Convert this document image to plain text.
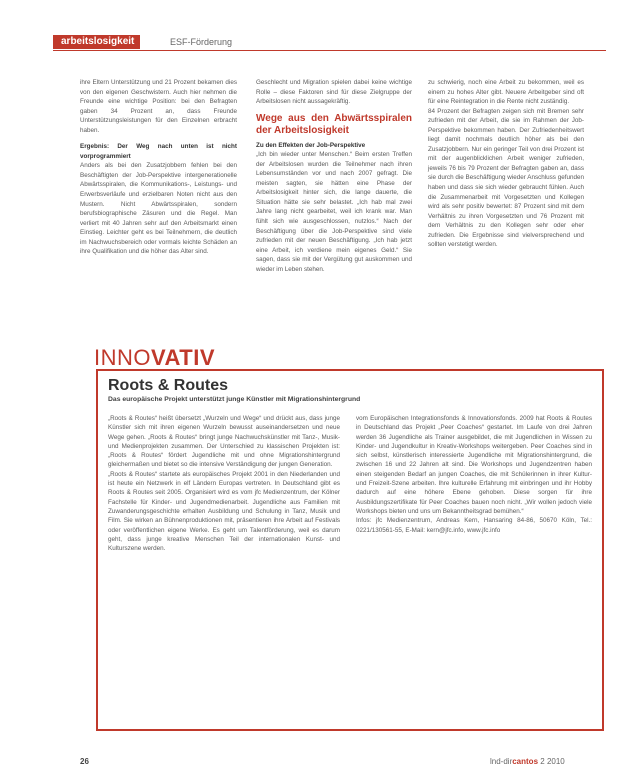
arbeitslosigkeit	ESF-Förderung

ihre Eltern Unterstützung und 21 Prozent bekamen dies von den eigenen Geschwistern. Auch hier nehmen die Freunde eine wichtige Position: bei den Befragten gaben 34 Prozent an, dass Freunde Unterstützungsleistungen für den Einzelnen erbracht haben.

Ergebnis: Der Weg nach unten ist nicht vorprogrammiert

Anders als bei den Zusatzjobbern fehlen bei den Beschäftigten der Job-Perspektive intergenerationelle Abwärtsspiralen, die Kommunikations-, Leistungs- und Erwerbsverläufe und erzielbaren Noten nicht aus den Mustern. Nicht Abwärtsspiralen, sondern berufsbiographische Zäsuren und die Regel. Man verliert mit 40 Jahren sehr auf den Arbeitsmarkt einen Einstieg. Leichter geht es bei Teilnehmern, die deutlich im Nachwuchsbereich oder vormals leichte Schäden an ihre Qualifikation und die höher das Alter sind.

Geschlecht und Migration spielen dabei keine wichtige Rolle – diese Faktoren sind für diese Zielgruppe der Arbeitslosen nicht aussagekräftig.

Wege aus den Abwärtsspiralen der Arbeitslosigkeit

Zu den Effekten der Job-Perspektive

„Ich bin wieder unter Menschen.“ Beim ersten Treffen der Arbeitslosen wurden die Teilnehmer nach ihren Lebensumständen vor und nach 2007 gefragt. Die meisten sagten, sie hätten eine Phase der Arbeitslosigkeit hinter sich, die lange dauerte, die Situation hätte sie sehr belastet. „Ich hab mal zwei Jahre lang nicht gearbeitet, weil ich krank war. Man fühlt sich wie ausgeschlossen, nutzlos.“ Nach der Beschäftigung über die Job-Perspektive sind viele zufrieden mit der neuen Beschäftigung. „Ich hab jetzt eine Arbeit, ich verdiene mein eigenes Geld.“ Sie sagen, dass sie mit der Vergütung gut auskommen und wieder im Leben stehen.

zu schwierig, noch eine Arbeit zu bekommen, weil es einem zu hohes Alter gibt. Neuere Arbeitgeber sind oft für eine Reintegration in die Rente nicht zuständig.

84 Prozent der Befragten zeigen sich mit Bremen sehr zufrieden mit der Arbeit, die sie im Rahmen der Job-Perspektive bekommen haben. Der Zufriedenheitswert liegt damit nochmals deutlich höher als bei den Zusatzjobbern. Nur ein geringer Teil von drei Prozent ist mit der augenblicklichen Arbeit weniger zufrieden, jeweils 76 bis 79 Prozent der Befragten gaben an, dass sie durch die Beschäftigung wieder Anschluss gefunden haben und dass sie sich wieder gebraucht fühlen. Auch die Zusammenarbeit mit Vorgesetzten und Kollegen wird als sehr positiv bewertet: 87 Prozent sind mit dem Verhältnis zu ihren Vorgesetzten und 76 Prozent mit dem Verhältnis zu den Kollegen sehr oder eher zufrieden. Die Ergebnisse sind vielversprechend und sollten verstetigt werden.

INNOVATIV
Roots & Routes
Das europäische Projekt unterstützt junge Künstler mit Migrationshintergrund

„Roots & Routes“ heißt übersetzt „Wurzeln und Wege“ und drückt aus, dass junge Künstler sich mit ihren eigenen Wurzeln bewusst auseinandersetzen und neue Wege gehen. „Roots & Routes“ bringt junge Nachwuchskünstler mit Tanz-, Musik- und Medienprojekten zusammen. Der Unterschied zu klassischen Projekten ist: „Roots & Routes“ fördert Jugendliche mit und ohne Migrationshintergrund gleichermaßen und bietet so die intensive Verständigung der jungen Generation.

„Roots & Routes“ startete als europäisches Projekt 2001 in den Niederlanden und ist heute ein Netzwerk in elf Ländern Europas vertreten. In Deutschland gibt es Roots & Routes seit 2005. Organisiert wird es vom jfc Medienzentrum, der Kölner Fachstelle für Kinder- und Jugendmedienarbeit. Jugendliche aus Familien mit Zuwanderungsgeschichte erhalten Ausbildung und Schulung in Tanz, Musik und Film. Sie wirken an Bühnenproduktionen mit, präsentieren ihre Arbeit auf Festivals oder veröffentlichen eigene Werke. Es geht um Talentförderung, weil es darum geht, dass junge kreative Menschen Teil der internationalen Kunst- und Kulturszene werden.

vom Europäischen Integrationsfonds & Innovationsfonds. 2009 hat Roots & Routes in Deutschland das Projekt „Peer Coaches“ gestartet. Im Laufe von drei Jahren werden 36 Jugendliche als Trainer ausgebildet, die mit Jugendlichen in Wissen zu Kinder- und Jugendkultur in Kreativ-Workshops weitergeben. Peer Coaches sind in sich selbst, künstlerisch interessierte Jugendliche mit Migrationshintergrund, die zwischen 16 und 22 Jahren alt sind. Die Workshops und Jugendzentren haben einen steigenden Bedarf an jungen Coaches, die mit Schülerinnen in ihrer Kultur- und Freizeit-Szene arbeiten. Ihre kulturelle Erfahrung mit einbringen und ihr Hobby dadurch auf eine höhere Ebene gehoben. Diese sorgen für ihre Ausbildungszertifikate für Peer Coaches bauen noch nicht. „Wir wollen jedoch viele Workshops bieten und uns um Bekanntheitsgrad bemühen.“

Infos: jfc Medienzentrum, Andreas Kern, Hansaring 84-86, 50670 Köln, Tel.: 0221/130561-55, E-Mail: kern@jfc.info, www.jfc.info

26	lnd-dircantos 2 2010
